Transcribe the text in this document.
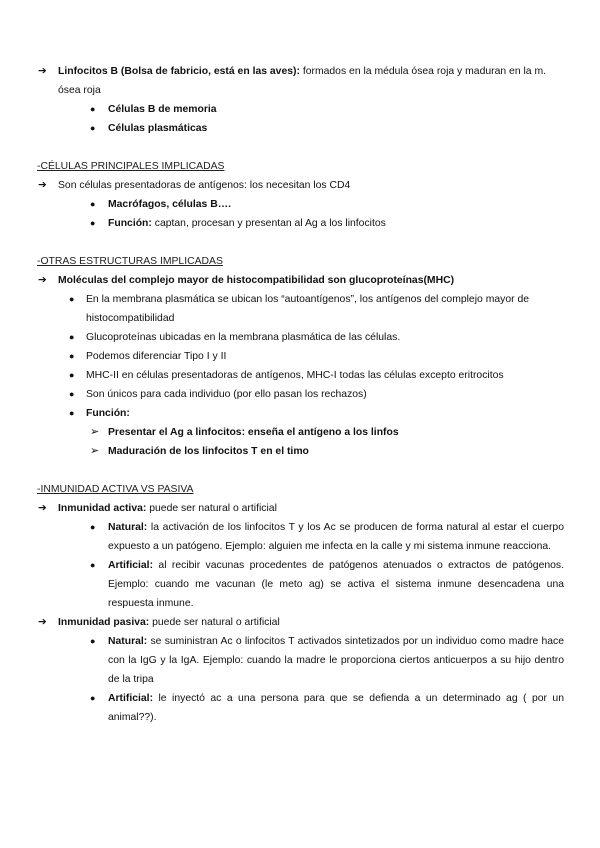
➔ Linfocitos B (Bolsa de fabricio, está en las aves): formados en la médula ósea roja y maduran en la m. ósea roja
● Células B de memoria
● Células plasmáticas
-CÉLULAS PRINCIPALES IMPLICADAS
➔ Son células presentadoras de antígenos: los necesitan los CD4
● Macrófagos, células B….
● Función: captan, procesan y presentan al Ag a los linfocitos
-OTRAS ESTRUCTURAS IMPLICADAS
➔ Moléculas del complejo mayor de histocompatibilidad son glucoproteínas(MHC)
● En la membrana plasmática se ubican los “autoantígenos”, los antígenos del complejo mayor de histocompatibilidad
● Glucoproteínas ubicadas en la membrana plasmática de las células.
● Podemos diferenciar Tipo I y II
● MHC-II en células presentadoras de antígenos, MHC-I todas las células excepto eritrocitos
● Son únicos para cada individuo (por ello pasan los rechazos)
● Función:
➢ Presentar el Ag a linfocitos: enseña el antígeno a los linfos
➢ Maduración de los linfocitos T en el timo
-INMUNIDAD ACTIVA VS PASIVA
➔ Inmunidad activa: puede ser natural o artificial
● Natural: la activación de los linfocitos T y los Ac se producen de forma natural al estar el cuerpo expuesto a un patógeno. Ejemplo: alguien me infecta en la calle y mi sistema inmune reacciona.
● Artificial: al recibir vacunas procedentes de patógenos atenuados o extractos de patógenos. Ejemplo: cuando me vacunan (le meto ag) se activa el sistema inmune desencadena una respuesta inmune.
➔ Inmunidad pasiva: puede ser natural o artificial
● Natural: se suministran Ac o linfocitos T activados sintetizados por un individuo como madre hace con la IgG y la IgA. Ejemplo: cuando la madre le proporciona ciertos anticuerpos a su hijo dentro de la tripa
● Artificial: le inyectó ac a una persona para que se defienda a un determinado ag ( por un animal??).
